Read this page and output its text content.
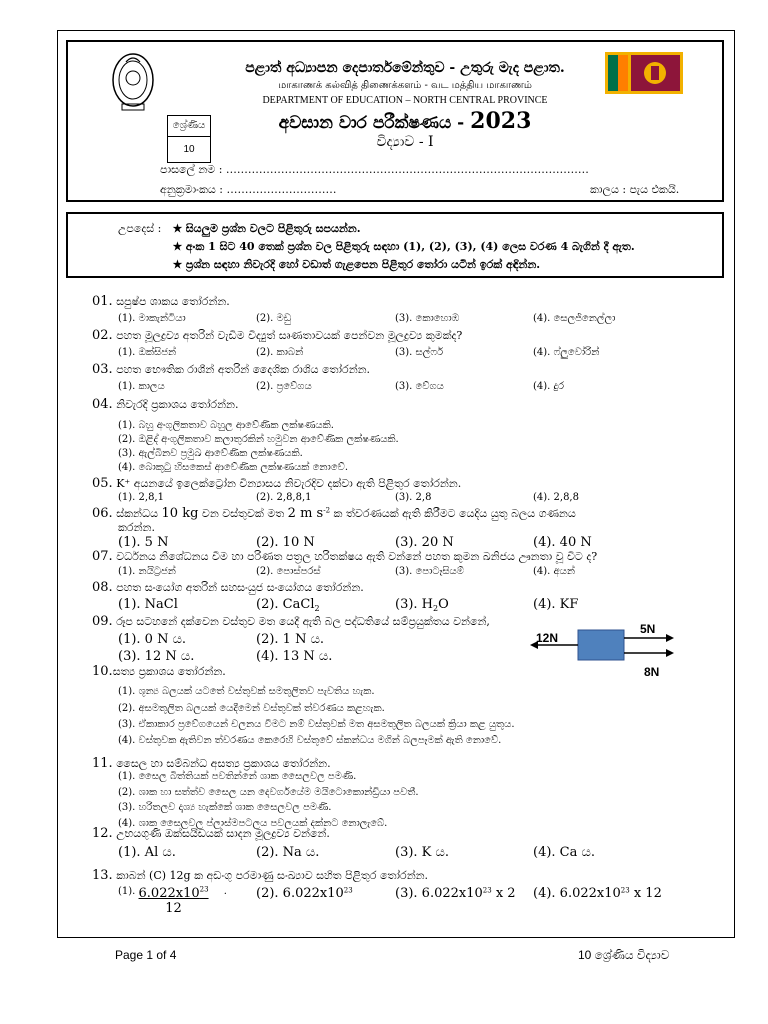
පළාත් අධ්‍යාපන දෙපාර්තමේන්තුව - උතුරු මැද පළාත.
மாகாணக் கல்வித் திணைக்களம் - வட மத்திய மாகாணம்
DEPARTMENT OF EDUCATION – NORTH CENTRAL PROVINCE
අවසාන වාර පරීක්ෂණය - 2023
විද්‍යාව - I
ශ්‍රේණිය
10
පාසලේ නම : ………………………………………………………………………………………
අනුක්‍රමාංකය : …………………………	කාලය : පැය එකයි.
උපදෙස් : ★ සියලුම ප්‍රශ්න වලට පිළිතුරු සපයන්න.
★ අංක 1 සිට 40 තෙක් ප්‍රශ්න වල පිළිතුරු සඳහා (1), (2), (3), (4) ලෙස වරණ 4 බැගින් දී ඇත.
★ ප්‍රශ්න සඳහා නිවැරදි හෝ වඩාත් ගැළපෙන පිළිතුර තෝරා යටින් ඉරක් අඳින්න.
01. සපුෂ්ප ශාකය තෝරන්න.
(1). මාකැන්ටියා	(2). මඩු	(3). කොහොඹ	(4). සෙලජිනෙල්ලා
02. පහත මූලද්‍රව්‍ය අතරින් වැඩිම විද්‍යුත් සෘණතාවයක් පෙන්වන මූලද්‍රව්‍ය කුමක්ද?
(1). ඔක්සිජන්	(2). කාබන්	(3). සල්ෆර්	(4). ෆ්ලුවෝරින්
03. පහත භෞතික රාශීන් අතරින් දෛශික රාශිය තෝරන්න.
(1). කාලය	(2). ප්‍රවේගය	(3). වේගය	(4). දුර
04. නිවැරදි ප්‍රකාශය තෝරන්න.
(1). බහු අංගුලිකතාව බහුල ආවේණික ලක්ෂණයකි.
(2). ඔළිද් අංගුලිකතාව කලාතුරකින් හමුවන ආවේණික ලක්ෂණයකි.
(3). ඇල්බිනව ප්‍රමුඛ ආවේණික ලක්ෂණයකි.
(4). බොකුටු හිසකෙස් ආවේණික ලක්ෂණයක් නොවේ.
05. K⁺ අයනයේ ඉලෙක්ට්‍රෝන වින්‍යාසය නිවැරදිව දක්වා ඇති පිළිතුර තෝරන්න.
(1). 2,8,1	(2). 2,8,8,1	(3). 2,8	(4). 2,8,8
06. ස්කන්ධය 10 kg වන වස්තුවක් මත 2 m $s^{-2}$ ක ත්වරණයක් ඇති කිරීමට යෙදිය යුතු බලය ගණනය
කරන්න.
(1). 5 N	(2). 10 N	(3). 20 N	(4). 40 N
07. වර්ධනය නිශේධනය වීම හා පරිණත පත්‍රල හරිතක්ෂය ඇති වන්නේ පහත කුමන ඛනිජය ඌනතා වූ විට ද?
(1). නයිට්‍රජන්	(2). පොස්පරස්	(3). පොටෑසියම්	(4). අයන්
08. පහත සංයෝග අතරින් සහසංයුජ සංයෝගය තෝරන්න.
(1). NaCl	(2). CaCl$_2$	(3). $H_2O$	(4). KF
09. රූප සටහනේ දක්වෙන වස්තුව මත යෙදී ඇති බල පද්ධතියේ සම්ප්‍රයුක්තය වන්නේ,
(1). 0 N ය.	(2). 1 N ය.
(3). 12 N ය.	(4). 13 N ය.
12N
5N
8N
10.සත්‍ය ප්‍රකාශය තෝරන්න.
(1). ශුන්‍ය බලයක් යටතේ වස්තුවක් සමතුලිතව පැවතිය හැක.
(2). අසමතුලිත බලයක් යෙදීමෙන් වස්තුවක් ත්වරණය කළහැක.
(3). ඒකාකාර ප්‍රවේගයෙන් චලනය වීමට නම් වස්තුවක් මත අසමතුලිත බලයක් ක්‍රියා කළ යුතුය.
(4). වස්තුවක ඇතිවන ත්වරණය කෙරෙහි වස්තුවේ ස්කන්ධය මගින් බලපෑමක් ඇති නොවේ.
11. සෛල හා සම්බන්ධ අසත්‍ය ප්‍රකාශය තෝරන්න.
(1). සෛල බිත්තියක් පවතින්නේ ශාක සෛලවල පමණි.
(2). ශාක හා සත්ත්ව සෛල යන දෙවර්ගයේම මයිටොකොන්ඩ්‍රියා පවතී.
(3). හරිතලව දෘශ්‍ය හැක්කේ ශාක සෛලවල පමණි.
(4). ශාක සෛලවල ප්ලාස්මපටලය පවලයක් දක්නට නොලැබේ.
12. උභයගුණි ඔක්සයිඩයක් සාදන මූලද්‍රව්‍ය වන්නේ.
(1). Al ය.	(2). Na ය.	(3). K ය.	(4). Ca ය.
13. කාබන් (C) 12g ක අඩංගු පරමාණු සංඛ්‍යාව සහිත පිළිතුර තෝරන්න.
(1). $\frac{6.022x10^{23}}{12}$ . (2). $6.022x10^{23}$	(3). $6.022x10^{23}$ x 2 (4). $6.022x10^{23}$ x 12
Page 1 of 4	10 ශ්‍රේණිය විද්‍යාව
